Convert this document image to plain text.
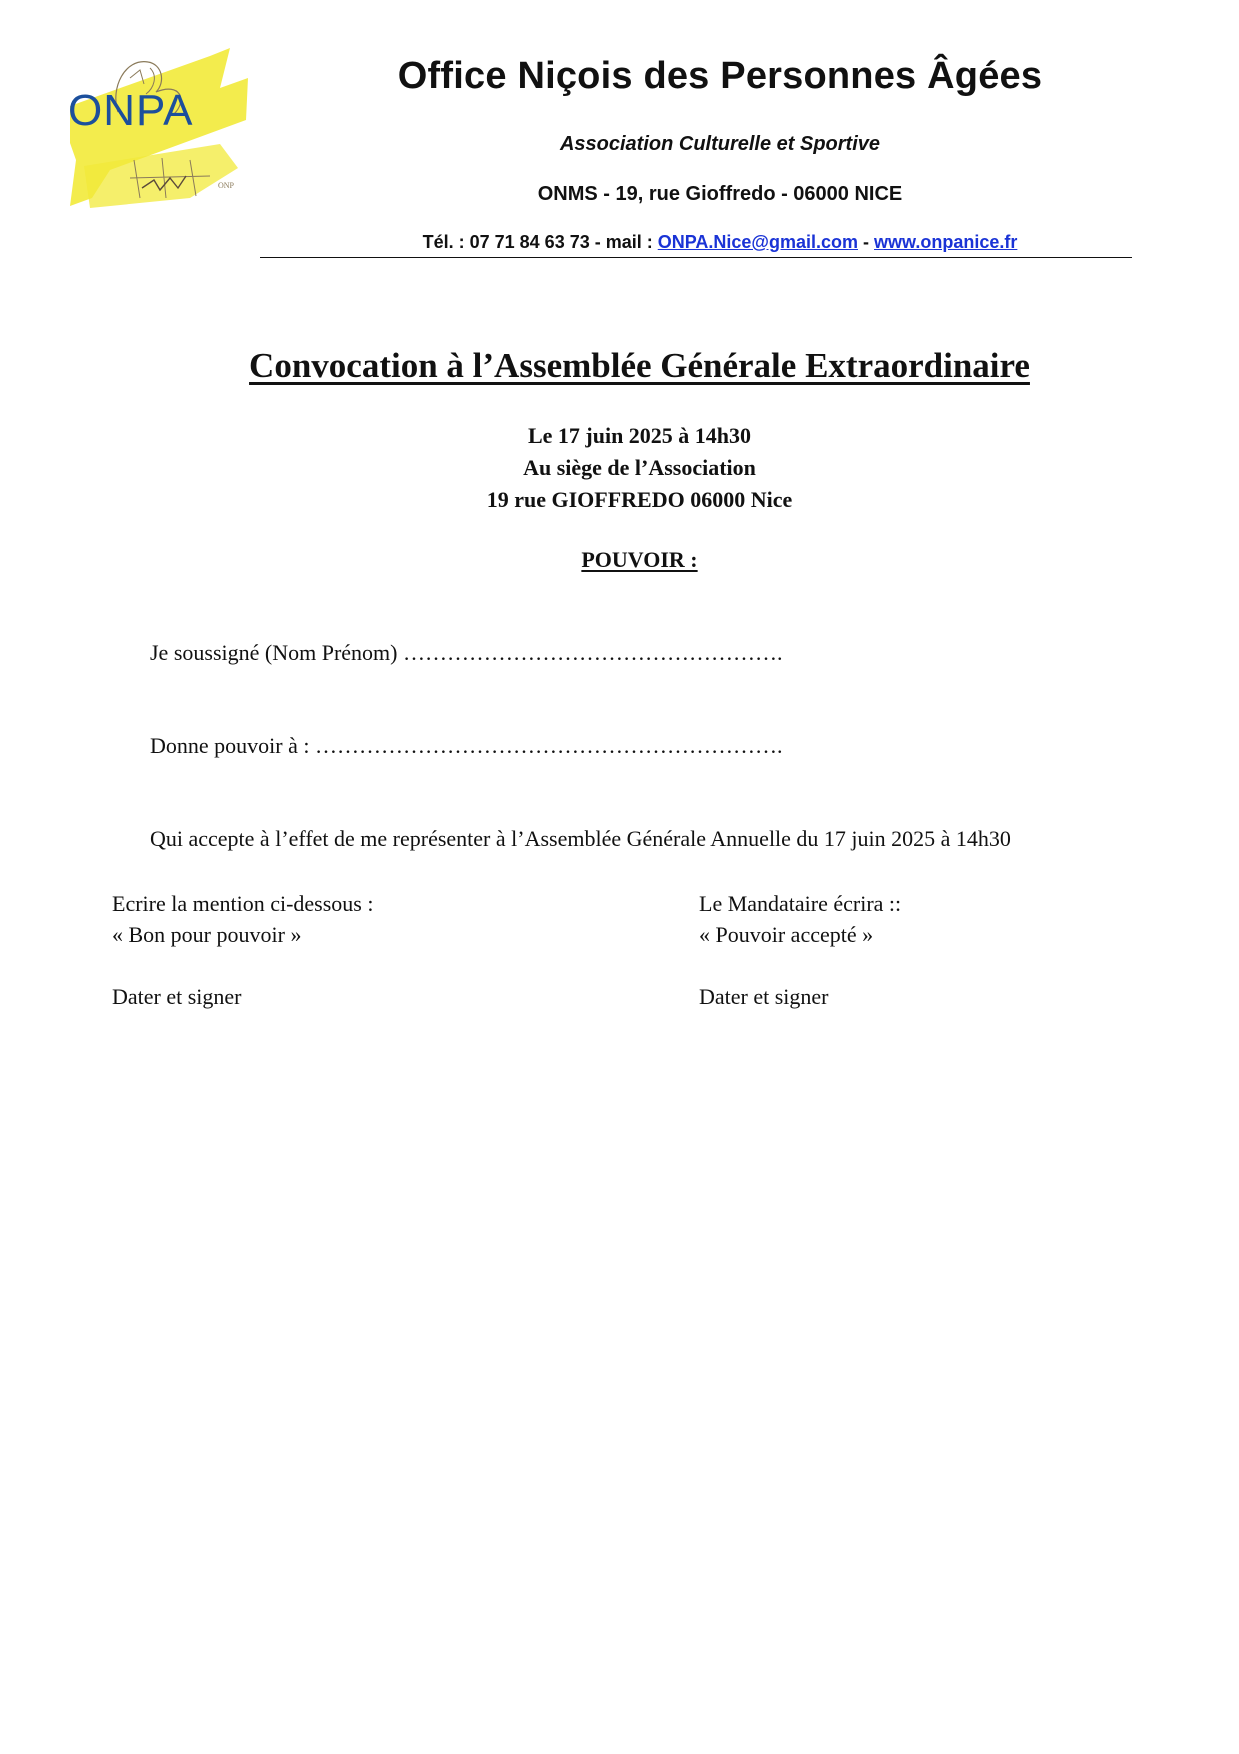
ONP
ONPA
Office Niçois des Personnes Âgées
Association Culturelle et Sportive
ONMS - 19, rue Gioffredo - 06000 NICE
Tél. : 07 71 84 63 73 - mail : ONPA.Nice@gmail.com - www.onpanice.fr
Convocation à l’Assemblée Générale Extraordinaire
Le 17 juin 2025 à 14h30
Au siège de l’Association
19 rue GIOFFREDO 06000 Nice
POUVOIR :
Je soussigné (Nom Prénom) …………………………………………….
Donne pouvoir à : ……………………………………………………….
Qui accepte à l’effet de me représenter à l’Assemblée Générale Annuelle du 17 juin 2025 à 14h30
Ecrire la mention ci-dessous :
« Bon pour pouvoir »
Dater et signer
Le Mandataire écrira ::
« Pouvoir accepté »
Dater et signer
